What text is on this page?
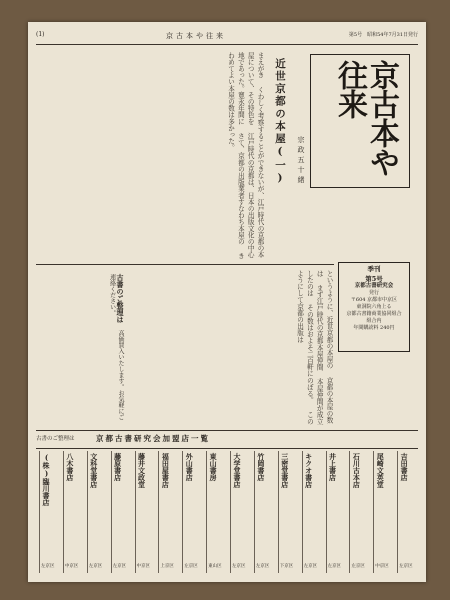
(1)	京古本や往来	第5号　昭和54年7月31日発行
京古本や往来
近世京都の本屋(一) 宗政五十緒
まえがき くわしく考察することができないが、江戸時代の京都の本屋について、その特色を 江戸時代の京都は、日本の出版文化の中心地であった。寛永年間に さて、京都の出版業者すなわち本屋の きわめてよい本屋の数は多かった。
というように、近世京都の本屋の 京都の本屋の数は まず江戸時代の京都本屋仲間 本屋仲間が成立したのは その数はおよそ二百軒にのぼる。 このようにして京都の出版は
古書のご整理は 高価買入いたします。お気軽にご連絡ください。
季刊
第5号
京都古書研究会
発行
〒604 京都市中京区
東洞院六角上る
京都古書籍商業協同組合
組合内
年間購読料 240円
古書のご整理は	京都古書研究会加盟店一覧
吉田書店
左京区
尾崎文英堂
中京区
石川古本店
左京区
井上書店
左京区
キクオ書店
左京区
三密堂書店
下京区
竹岡書店
左京区
大学堂書店
左京区
東山書房
東山区
外山書店
左京区
福田屋書店
上京区
藤井文政堂
中京区
藤原書店
左京区
文科堂書店
左京区
八木書店
中京区
(株)臨川書店
左京区
